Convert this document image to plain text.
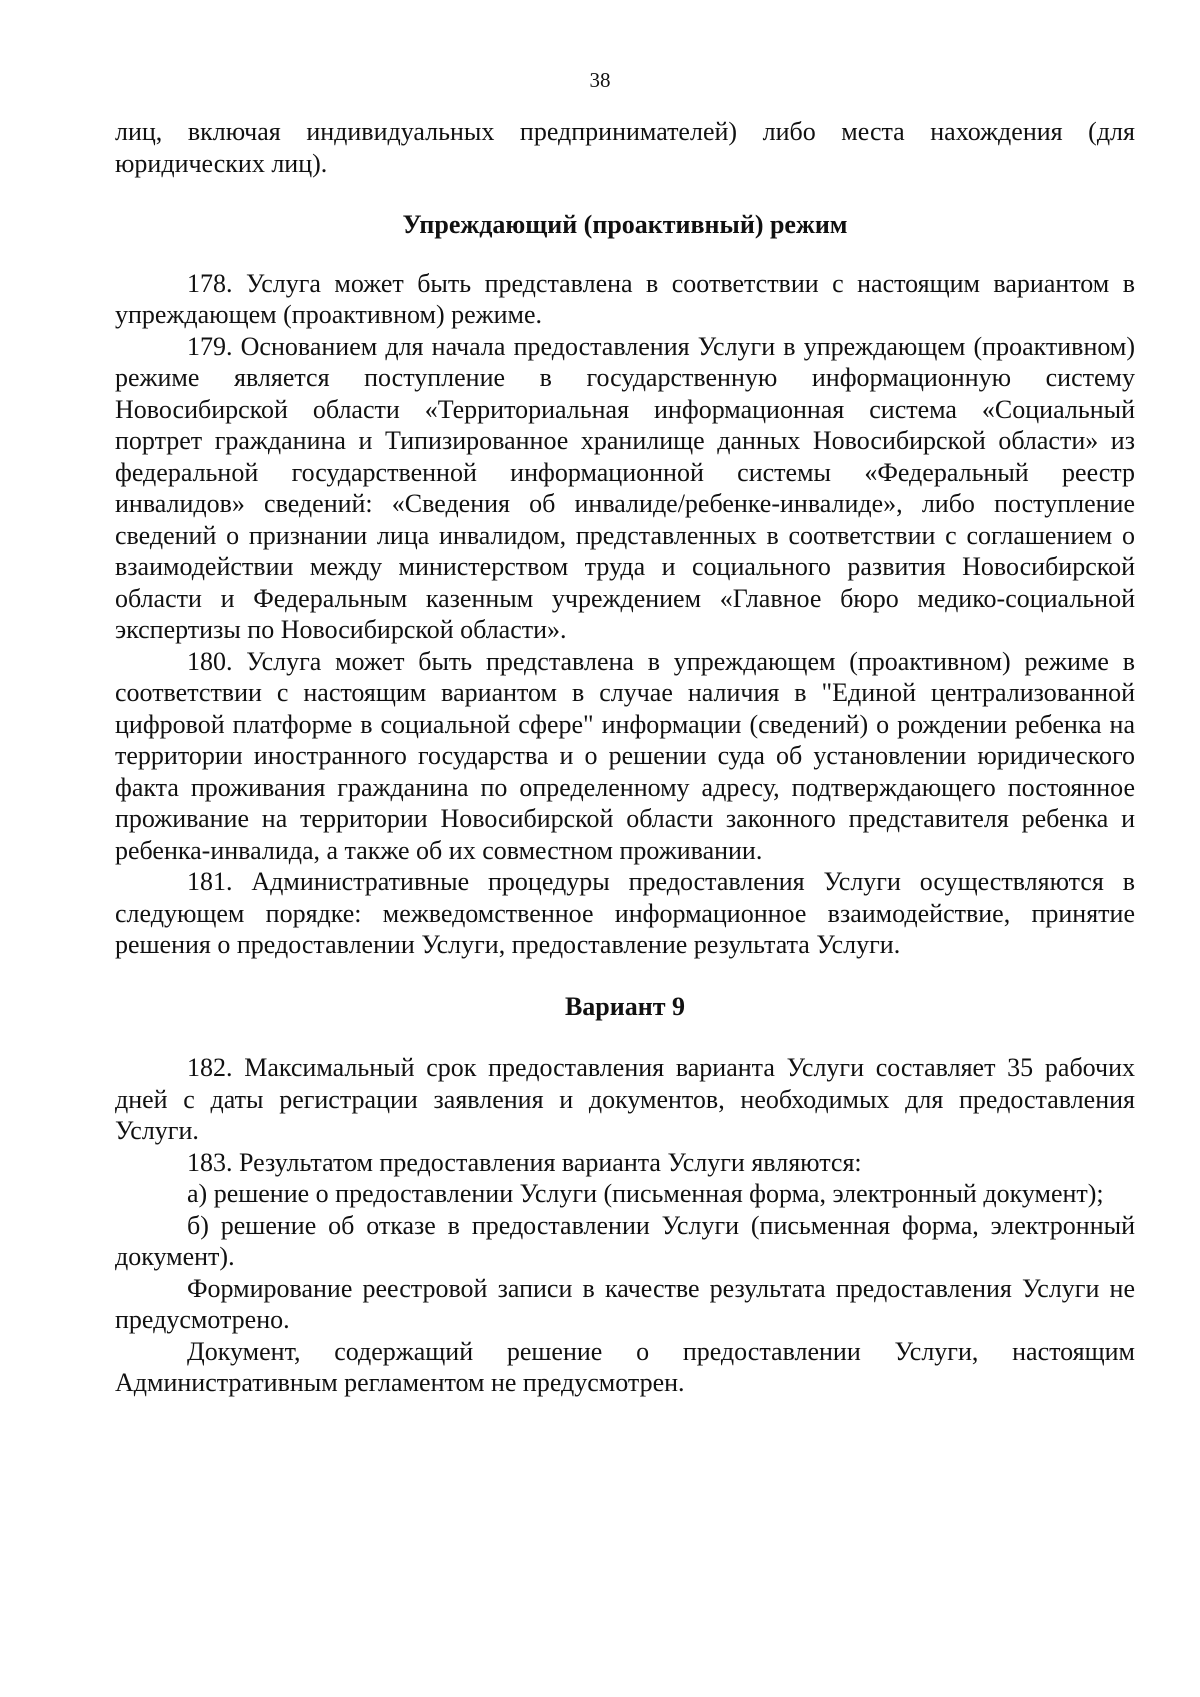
38

лиц, включая индивидуальных предпринимателей) либо места нахождения (для юридических лиц).

Упреждающий (проактивный) режим

178. Услуга может быть представлена в соответствии с настоящим вариантом в упреждающем (проактивном) режиме.

179. Основанием для начала предоставления Услуги в упреждающем (проактивном) режиме является поступление в государственную информационную систему Новосибирской области «Территориальная информационная система «Социальный портрет гражданина и Типизированное хранилище данных Новосибирской области» из федеральной государственной информационной системы «Федеральный реестр инвалидов» сведений: «Сведения об инвалиде/ребенке-инвалиде», либо поступление сведений о признании лица инвалидом, представленных в соответствии с соглашением о взаимодействии между министерством труда и социального развития Новосибирской области и Федеральным казенным учреждением «Главное бюро медико-социальной экспертизы по Новосибирской области».

180. Услуга может быть представлена в упреждающем (проактивном) режиме в соответствии с настоящим вариантом в случае наличия в "Единой централизованной цифровой платформе в социальной сфере" информации (сведений) о рождении ребенка на территории иностранного государства и о решении суда об установлении юридического факта проживания гражданина по определенному адресу, подтверждающего постоянное проживание на территории Новосибирской области законного представителя ребенка и ребенка-инвалида, а также об их совместном проживании.

181. Административные процедуры предоставления Услуги осуществляются в следующем порядке: межведомственное информационное взаимодействие, принятие решения о предоставлении Услуги, предоставление результата Услуги.

Вариант 9

182. Максимальный срок предоставления варианта Услуги составляет 35 рабочих дней с даты регистрации заявления и документов, необходимых для предоставления Услуги.

183. Результатом предоставления варианта Услуги являются:

а) решение о предоставлении Услуги (письменная форма, электронный документ);

б) решение об отказе в предоставлении Услуги (письменная форма, электронный документ).

Формирование реестровой записи в качестве результата предоставления Услуги не предусмотрено.

Документ, содержащий решение о предоставлении Услуги, настоящим Административным регламентом не предусмотрен.
